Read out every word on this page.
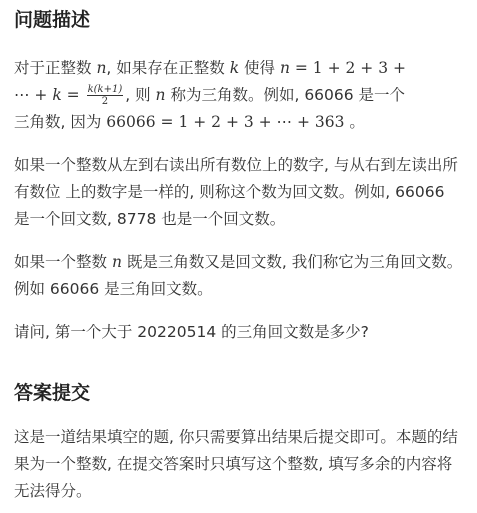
问题描述

对于正整数 n, 如果存在正整数 k 使得 n = 1 + 2 + 3 +
⋯ + $k = \frac{k(k+1)}{2}$ , 则 n 称为三角数。例如, 66066 是一个
三角数, 因为 66066 = 1 + 2 + 3 + ⋯ + 363 。

如果一个整数从左到右读出所有数位上的数字, 与从右到左读出所有数位 上的数字是一样的, 则称这个数为回文数。例如, 66066 是一个回文数, 8778 也是一个回文数。

如果一个整数 n 既是三角数又是回文数, 我们称它为三角回文数。例如 66066 是三角回文数。

请问, 第一个大于 20220514 的三角回文数是多少?

答案提交

这是一道结果填空的题, 你只需要算出结果后提交即可。本题的结果为一个整数, 在提交答案时只填写这个整数, 填写多余的内容将无法得分。
